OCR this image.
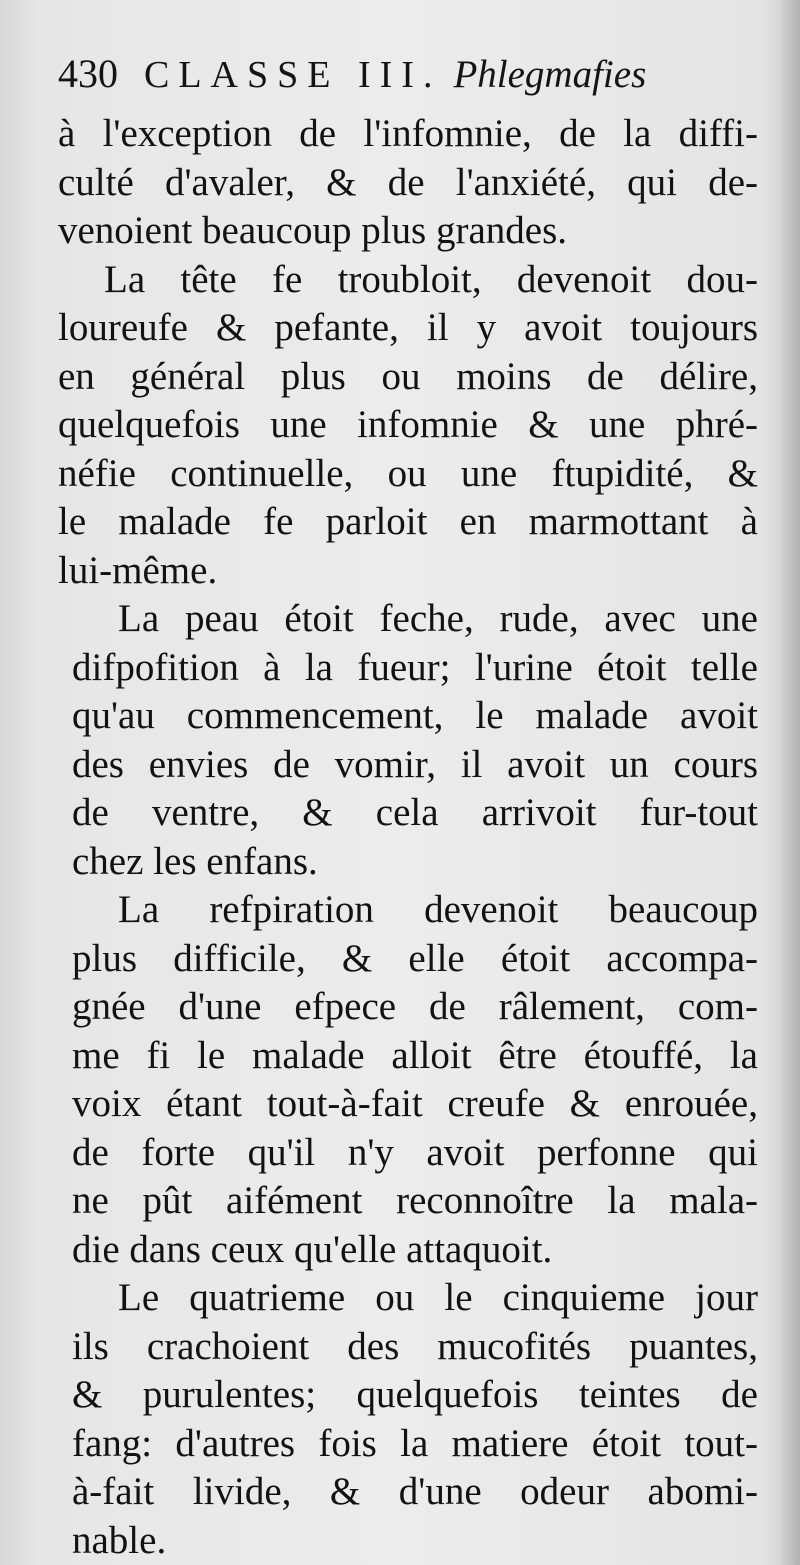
430 CLASSE III. Phlegmafies
à l'exception de l'infomnie, de la diffi-
culté d'avaler, & de l'anxiété, qui de-
venoient beaucoup plus grandes.
La tête fe troubloit, devenoit dou-
loureufe & pefante, il y avoit toujours
en général plus ou moins de délire,
quelquefois une infomnie & une phré-
néfie continuelle, ou une ftupidité, &
le malade fe parloit en marmottant à
lui-même.
La peau étoit feche, rude, avec une
difpofition à la fueur; l'urine étoit telle
qu'au commencement, le malade avoit
des envies de vomir, il avoit un cours
de ventre, & cela arrivoit fur-tout
chez les enfans.
La refpiration devenoit beaucoup
plus difficile, & elle étoit accompa-
gnée d'une efpece de râlement, com-
me fi le malade alloit être étouffé, la
voix étant tout-à-fait creufe & enrouée,
de forte qu'il n'y avoit perfonne qui
ne pût aifément reconnoître la mala-
die dans ceux qu'elle attaquoit.
Le quatrieme ou le cinquieme jour
ils crachoient des mucofités puantes,
& purulentes; quelquefois teintes de
fang: d'autres fois la matiere étoit tout-
à-fait livide, & d'une odeur abomi-
nable.
